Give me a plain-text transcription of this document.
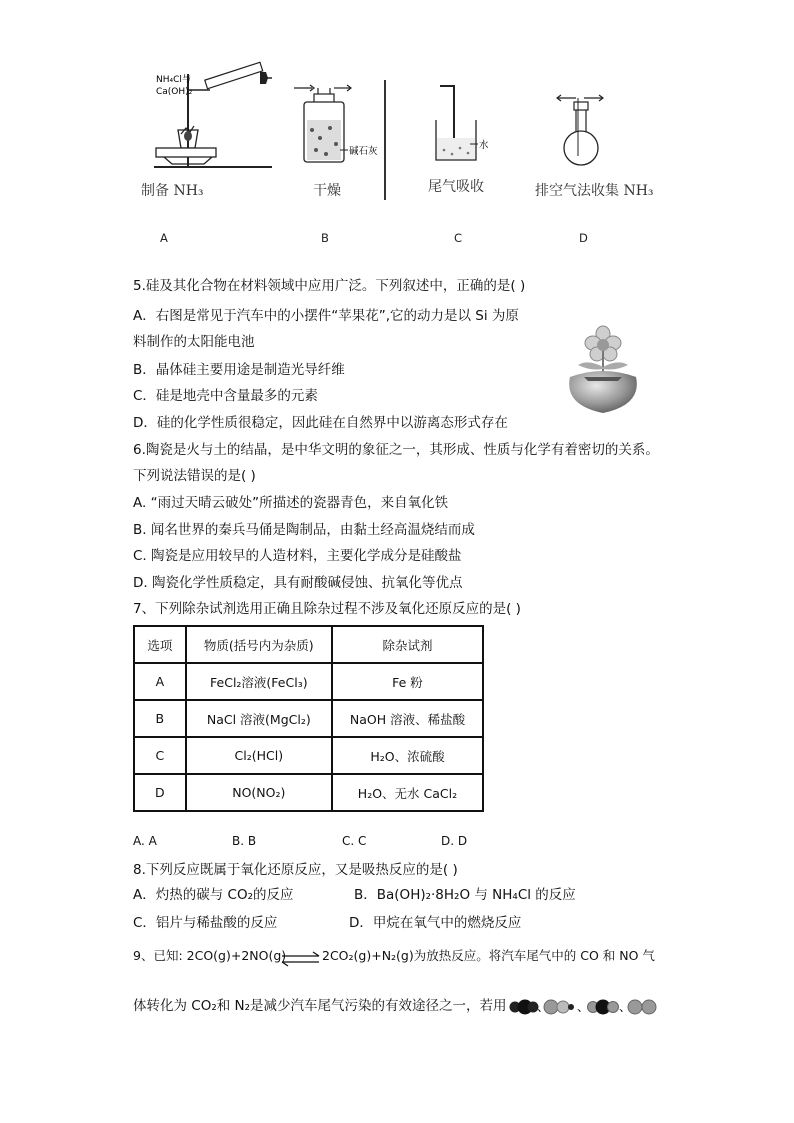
NH₄Cl与
Ca(OH)₂
碱石灰
水
制备 NH₃	干燥	尾气吸收	排空气法收集 NH₃
A	B	C	D
5.硅及其化合物在材料领域中应用广泛。下列叙述中，正确的是( )
A．右图是常见于汽车中的小摆件“苹果花”,它的动力是以 Si 为原
料制作的太阳能电池
B．晶体硅主要用途是制造光导纤维
C．硅是地壳中含量最多的元素
D．硅的化学性质很稳定，因此硅在自然界中以游离态形式存在
6.陶瓷是火与土的结晶，是中华文明的象征之一，其形成、性质与化学有着密切的关系。
下列说法错误的是( )
A. “雨过天晴云破处”所描述的瓷器青色，来自氧化铁
B. 闻名世界的秦兵马俑是陶制品，由黏土经高温烧结而成
C. 陶瓷是应用较早的人造材料，主要化学成分是硅酸盐
D. 陶瓷化学性质稳定，具有耐酸碱侵蚀、抗氧化等优点
7、下列除杂试剂选用正确且除杂过程不涉及氧化还原反应的是( )
选项	物质(括号内为杂质)	除杂试剂
A	FeCl₂溶液(FeCl₃)	Fe 粉
B	NaCl 溶液(MgCl₂)	NaOH 溶液、稀盐酸
C	Cl₂(HCl)	H₂O、浓硫酸
D	NO(NO₂)	H₂O、无水 CaCl₂
A. A	B. B	C. C	D. D
8.下列反应既属于氧化还原反应，又是吸热反应的是( )
A．灼热的碳与 CO₂的反应	B．Ba(OH)₂·8H₂O 与 NH₄Cl 的反应
C．铝片与稀盐酸的反应	D．甲烷在氧气中的燃烧反应
9、已知: 2CO(g)+2NO(g) ⇌ 2CO₂(g)+N₂(g)为放热反应。将汽车尾气中的 CO 和 NO 气
体转化为 CO₂和 N₂是减少汽车尾气污染的有效途径之一，若用	、 、 、
